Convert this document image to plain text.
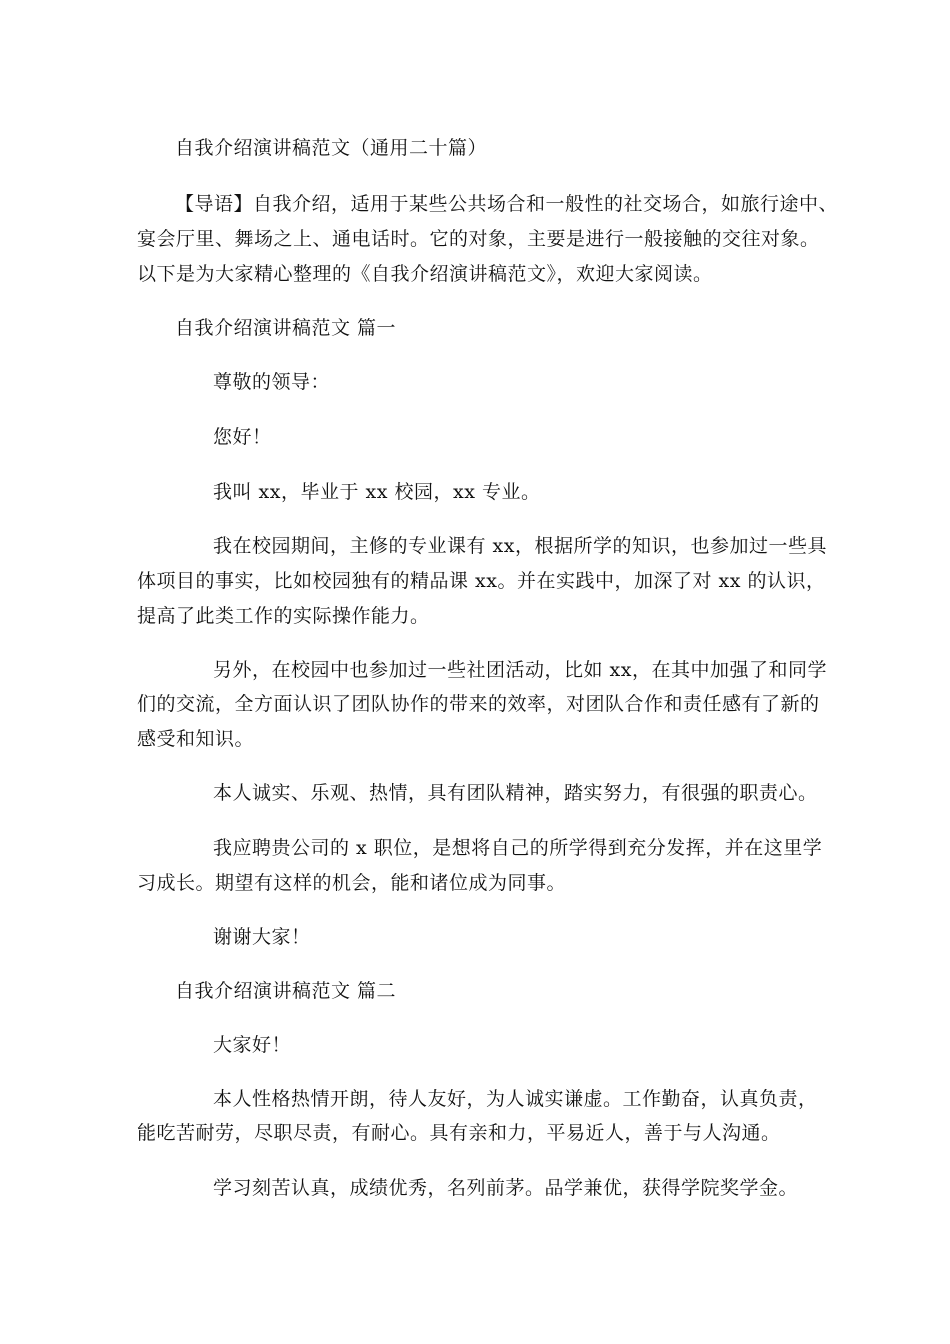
自我介绍演讲稿范文（通用二十篇）

【导语】自我介绍，适用于某些公共场合和一般性的社交场合，如旅行途中、

宴会厅里、舞场之上、通电话时。它的对象，主要是进行一般接触的交往对象。

以下是为大家精心整理的《自我介绍演讲稿范文》，欢迎大家阅读。

自我介绍演讲稿范文 篇一

尊敬的领导：

您好！

我叫 xx，毕业于 xx 校园，xx 专业。

我在校园期间，主修的专业课有 xx，根据所学的知识，也参加过一些具

体项目的事实，比如校园独有的精品课 xx。并在实践中，加深了对 xx 的认识，

提高了此类工作的实际操作能力。

另外，在校园中也参加过一些社团活动，比如 xx，在其中加强了和同学

们的交流，全方面认识了团队协作的带来的效率，对团队合作和责任感有了新的

感受和知识。

本人诚实、乐观、热情，具有团队精神，踏实努力，有很强的职责心。

我应聘贵公司的 x 职位，是想将自己的所学得到充分发挥，并在这里学

习成长。期望有这样的机会，能和诸位成为同事。

谢谢大家！

自我介绍演讲稿范文 篇二

大家好！

本人性格热情开朗，待人友好，为人诚实谦虚。工作勤奋，认真负责，

能吃苦耐劳，尽职尽责，有耐心。具有亲和力，平易近人，善于与人沟通。

学习刻苦认真，成绩优秀，名列前茅。品学兼优，获得学院奖学金。
